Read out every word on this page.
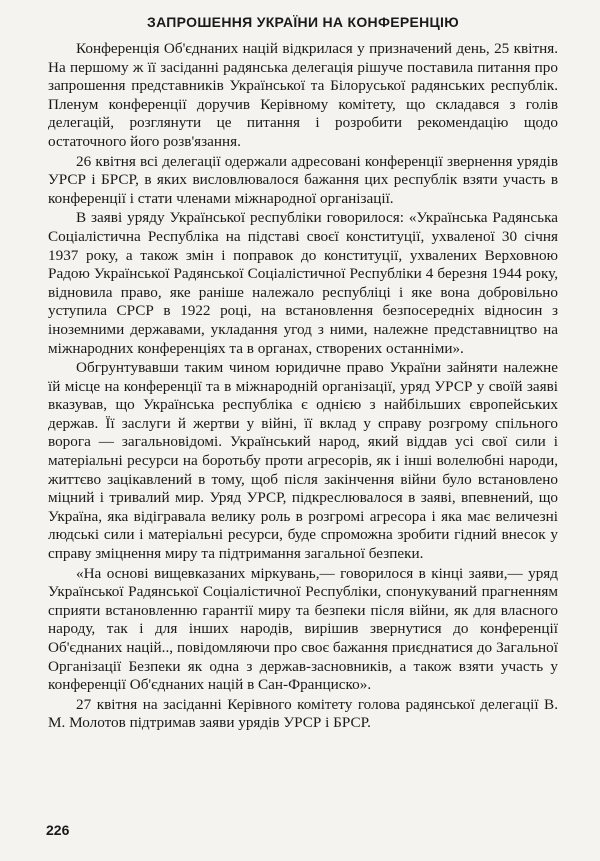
ЗАПРОШЕННЯ УКРАЇНИ НА КОНФЕРЕНЦІЮ

Конференція Об'єднаних націй відкрилася у призначений день, 25 квітня. На першому ж її засіданні радянська делегація рішуче поставила питання про запрошення представників Української та Білоруської радянських республік. Пленум конференції доручив Керівному комітету, що складався з голів делегацій, розглянути це питання і розробити рекомендацію щодо остаточного його розв'язання.

26 квітня всі делегації одержали адресовані конференції звернення урядів УРСР і БРСР, в яких висловлювалося бажання цих республік взяти участь в конференції і стати членами міжнародної організації.

В заяві уряду Української республіки говорилося: «Українська Радянська Соціалістична Республіка на підставі своєї конституції, ухваленої 30 січня 1937 року, а також змін і поправок до конституції, ухвалених Верховною Радою Української Радянської Соціалістичної Республіки 4 березня 1944 року, відновила право, яке раніше належало республіці і яке вона добровільно уступила СРСР в 1922 році, на встановлення безпосередніх відносин з іноземними державами, укладання угод з ними, належне представництво на міжнародних конференціях та в органах, створених останніми».

Обгрунтувавши таким чином юридичне право України зайняти належне їй місце на конференції та в міжнародній організації, уряд УРСР у своїй заяві вказував, що Українська республіка є однією з найбільших європейських держав. Її заслуги й жертви у війні, її вклад у справу розгрому спільного ворога — загальновідомі. Український народ, який віддав усі свої сили і матеріальні ресурси на боротьбу проти агресорів, як і інші волелюбні народи, життєво зацікавлений в тому, щоб після закінчення війни було встановлено міцний і тривалий мир. Уряд УРСР, підкреслювалося в заяві, впевнений, що Україна, яка відігравала велику роль в розгромі агресора і яка має величезні людські сили і матеріальні ресурси, буде спроможна зробити гідний внесок у справу зміцнення миру та підтримання загальної безпеки.

«На основі вищевказаних міркувань,— говорилося в кінці заяви,— уряд Української Радянської Соціалістичної Республіки, спонукуваний прагненням сприяти встановленню гарантії миру та безпеки після війни, як для власного народу, так і для інших народів, вирішив звернутися до конференції Об'єднаних націй.., повідомляючи про своє бажання приєднатися до Загальної Організації Безпеки як одна з держав-засновників, а також взяти участь у конференції Об'єднаних націй в Сан-Франциско».

27 квітня на засіданні Керівного комітету голова радянської делегації В. М. Молотов підтримав заяви урядів УРСР і БРСР.

226
